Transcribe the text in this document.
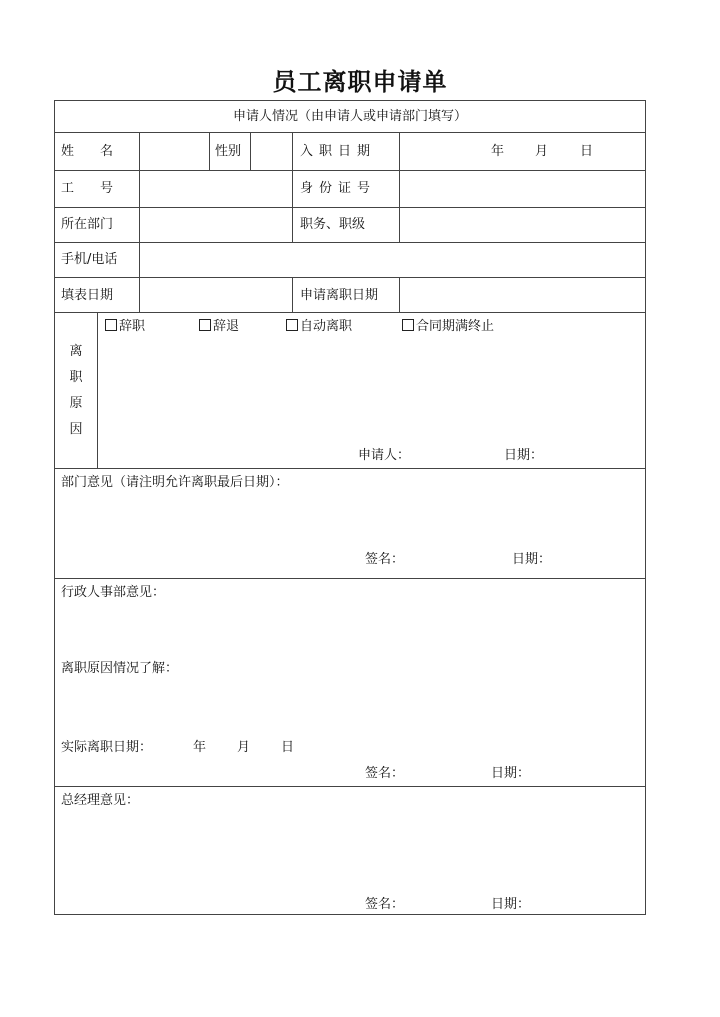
员工离职申请单
申请人情况（由申请人或申请部门填写）
姓　　名	性别	入职日期	年 月 日
工　　号	身份证号
所在部门	职务、职级
手机/电话
填表日期	申请离职日期
离
职
原
因
辞职	辞退	自动离职	合同期满终止
申请人：	日期：
部门意见（请注明允许离职最后日期）：
签名：	日期：
行政人事部意见：
离职原因情况了解：
实际离职日期：	年 月 日
签名：	日期：
总经理意见：
签名：	日期：
